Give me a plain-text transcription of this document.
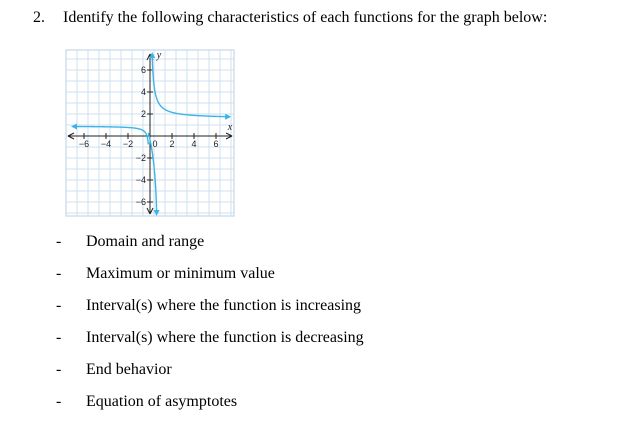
2. Identify the following characteristics of each functions for the graph below:
−6 −4 −2 0 2 4 6
6
4
2
−2
−4
−6
x
y
- Domain and range
- Maximum or minimum value
- Interval(s) where the function is increasing
- Interval(s) where the function is decreasing
- End behavior
- Equation of asymptotes
